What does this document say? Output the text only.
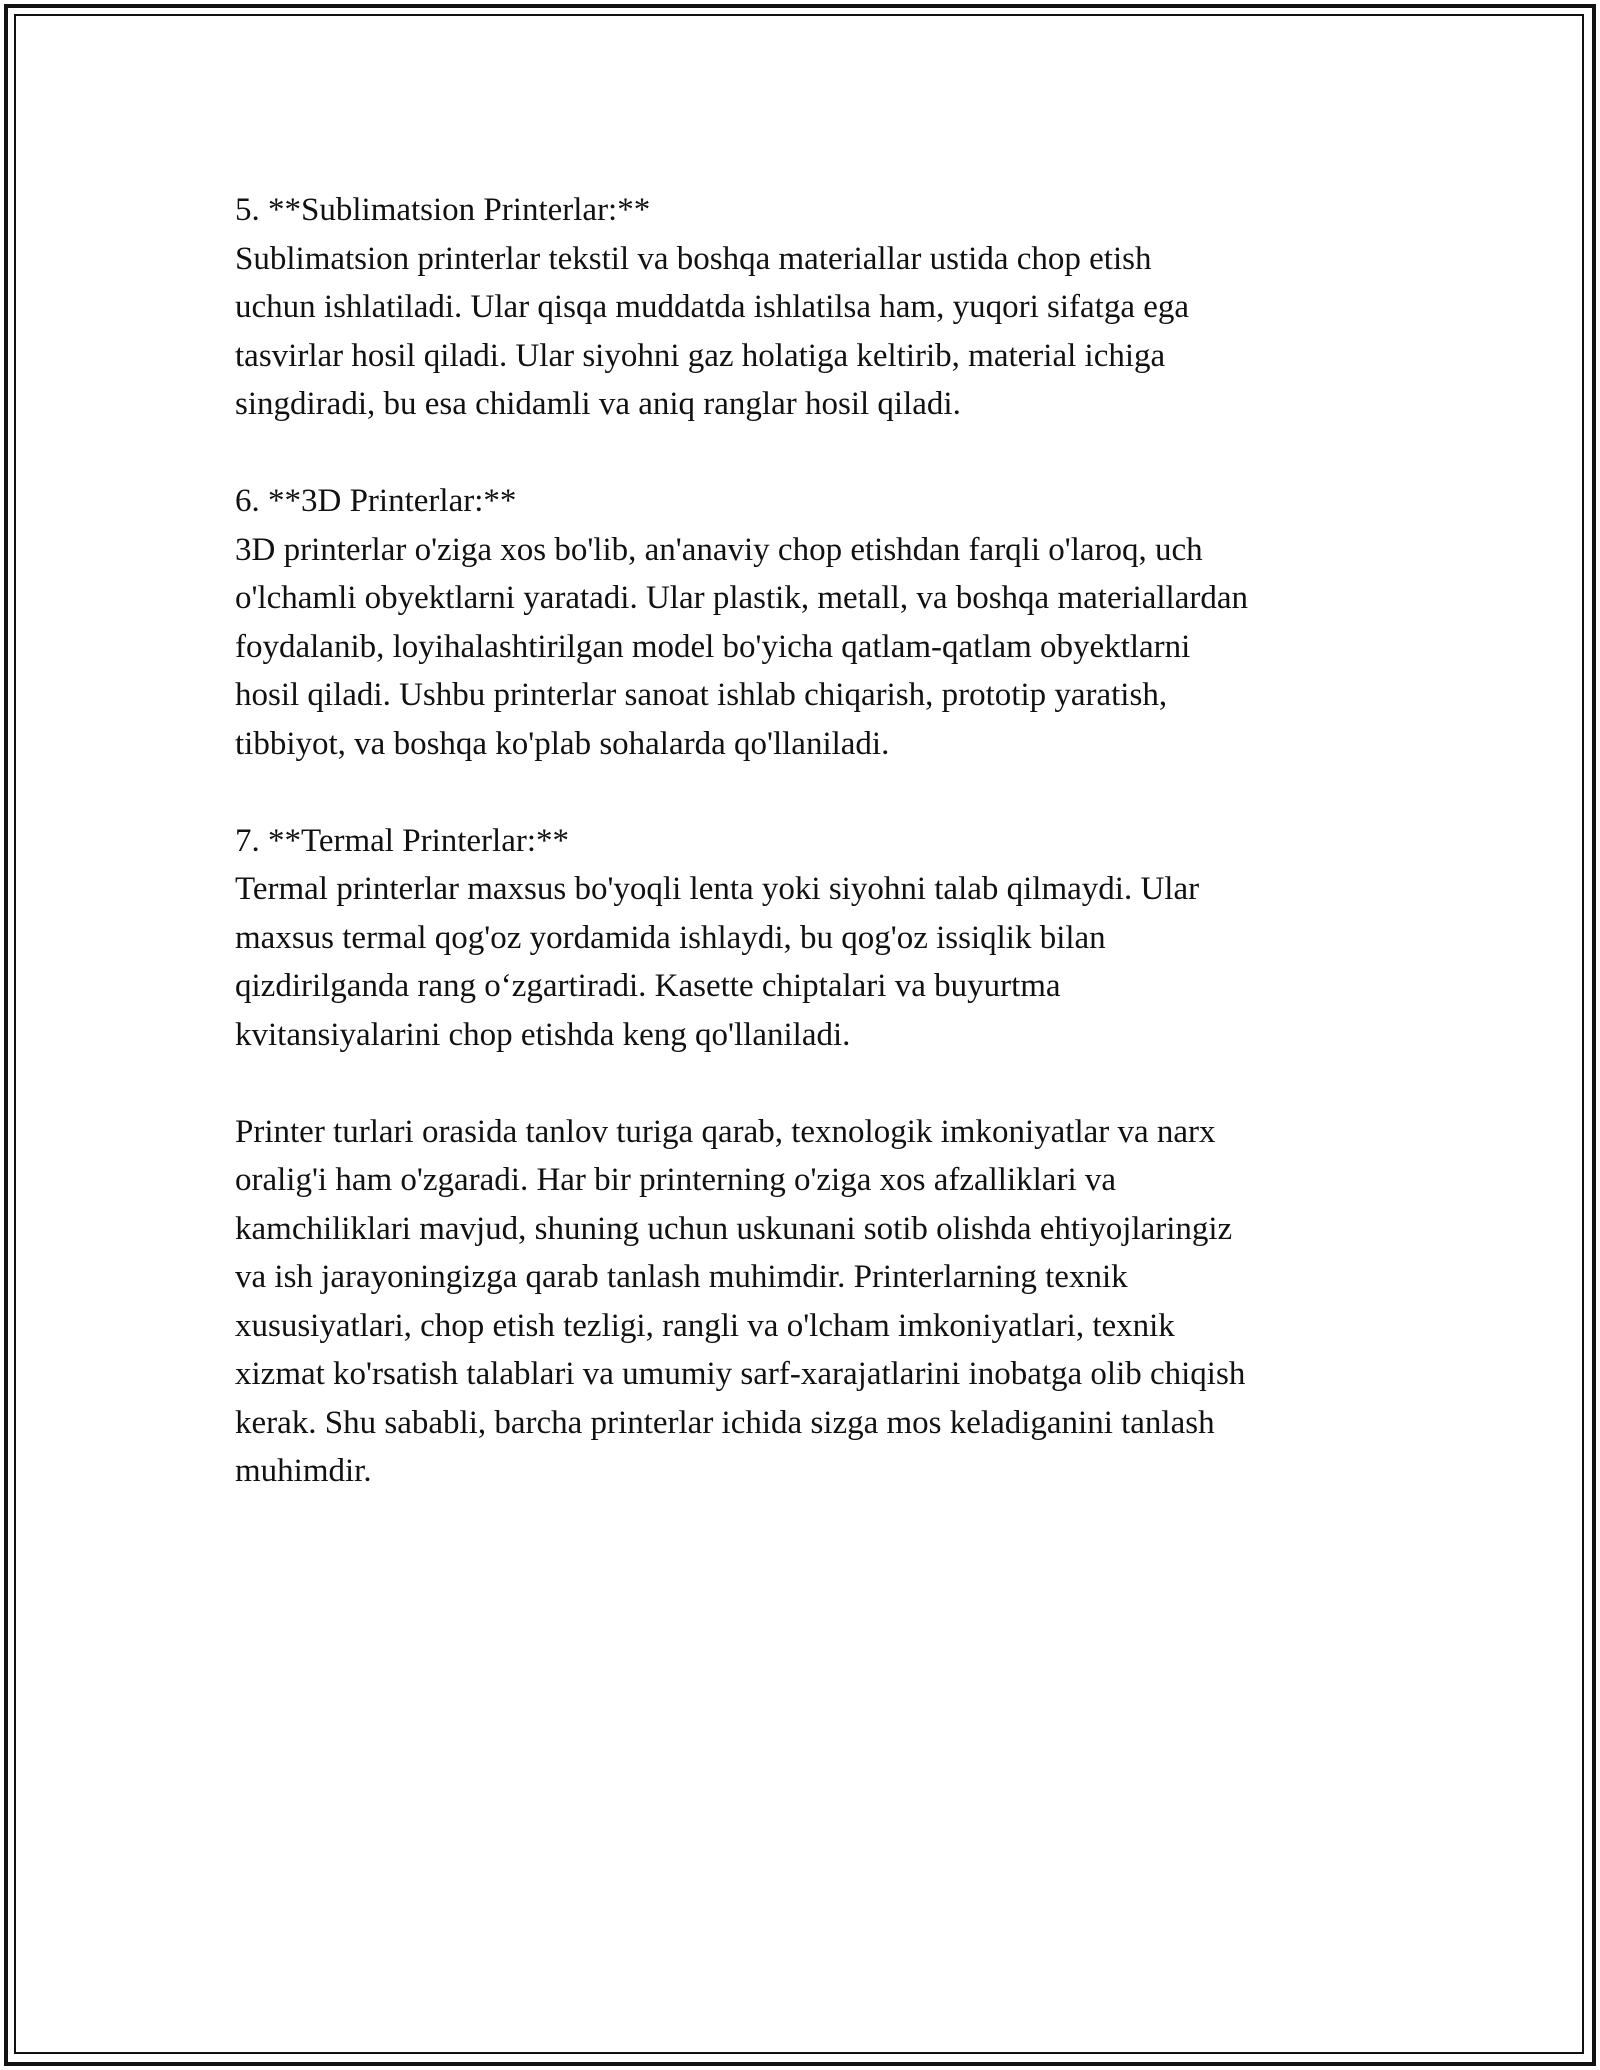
5. **Sublimatsion Printerlar:**

Sublimatsion printerlar tekstil va boshqa materiallar ustida chop etish
uchun ishlatiladi. Ular qisqa muddatda ishlatilsa ham, yuqori sifatga ega
tasvirlar hosil qiladi. Ular siyohni gaz holatiga keltirib, material ichiga
singdiradi, bu esa chidamli va aniq ranglar hosil qiladi.

6. **3D Printerlar:**

3D printerlar o'ziga xos bo'lib, an'anaviy chop etishdan farqli o'laroq, uch
o'lchamli obyektlarni yaratadi. Ular plastik, metall, va boshqa materiallardan
foydalanib, loyihalashtirilgan model bo'yicha qatlam-qatlam obyektlarni
hosil qiladi. Ushbu printerlar sanoat ishlab chiqarish, prototip yaratish,
tibbiyot, va boshqa ko'plab sohalarda qo'llaniladi.

7. **Termal Printerlar:**

Termal printerlar maxsus bo'yoqli lenta yoki siyohni talab qilmaydi. Ular
maxsus termal qog'oz yordamida ishlaydi, bu qog'oz issiqlik bilan
qizdirilganda rang o‘zgartiradi. Kasette chiptalari va buyurtma
kvitansiyalarini chop etishda keng qo'llaniladi.

Printer turlari orasida tanlov turiga qarab, texnologik imkoniyatlar va narx
oralig'i ham o'zgaradi. Har bir printerning o'ziga xos afzalliklari va
kamchiliklari mavjud, shuning uchun uskunani sotib olishda ehtiyojlaringiz
va ish jarayoningizga qarab tanlash muhimdir. Printerlarning texnik
xususiyatlari, chop etish tezligi, rangli va o'lcham imkoniyatlari, texnik
xizmat ko'rsatish talablari va umumiy sarf-xarajatlarini inobatga olib chiqish
kerak. Shu sababli, barcha printerlar ichida sizga mos keladiganini tanlash
muhimdir.
